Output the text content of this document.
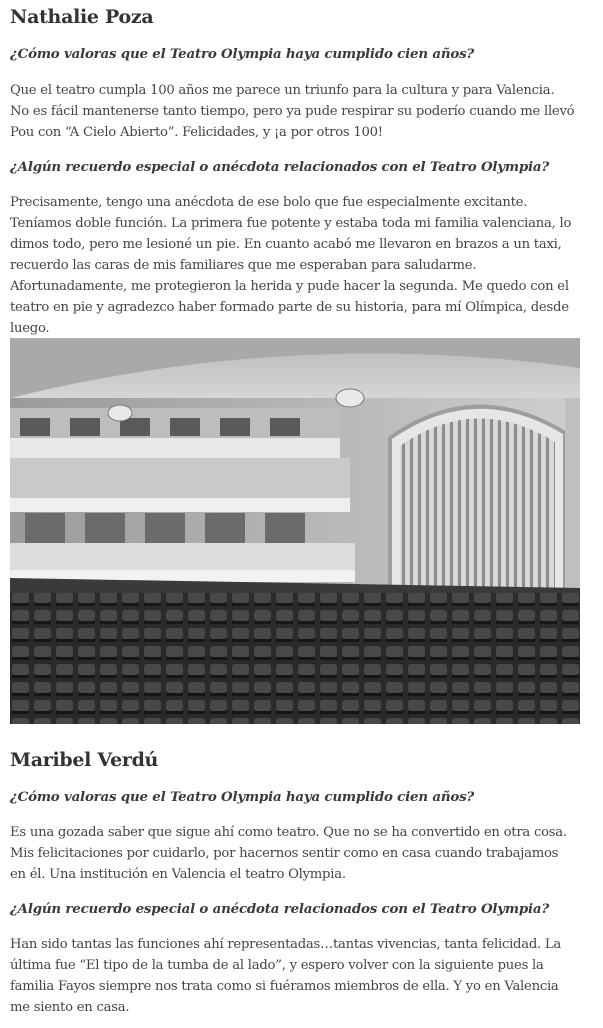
Nathalie Poza

¿Cómo valoras que el Teatro Olympia haya cumplido cien años?

Que el teatro cumpla 100 años me parece un triunfo para la cultura y para Valencia. No es fácil mantenerse tanto tiempo, pero ya pude respirar su poderío cuando me llevó Pou con “A Cielo Abierto”. Felicidades, y ¡a por otros 100!

¿Algún recuerdo especial o anécdota relacionados con el Teatro Olympia?

Precisamente, tengo una anécdota de ese bolo que fue especialmente excitante. Teníamos doble función. La primera fue potente y estaba toda mi familia valenciana, lo dimos todo, pero me lesioné un pie. En cuanto acabó me llevaron en brazos a un taxi, recuerdo las caras de mis familiares que me esperaban para saludarme. Afortunadamente, me protegieron la herida y pude hacer la segunda. Me quedo con el teatro en pie y agradezco haber formado parte de su historia, para mí Olímpica, desde luego.

Maribel Verdú

¿Cómo valoras que el Teatro Olympia haya cumplido cien años?

Es una gozada saber que sigue ahí como teatro. Que no se ha convertido en otra cosa. Mis felicitaciones por cuidarlo, por hacernos sentir como en casa cuando trabajamos en él. Una institución en Valencia el teatro Olympia.

¿Algún recuerdo especial o anécdota relacionados con el Teatro Olympia?

Han sido tantas las funciones ahí representadas…tantas vivencias, tanta felicidad. La última fue “El tipo de la tumba de al lado”, y espero volver con la siguiente pues la familia Fayos siempre nos trata como si fuéramos miembros de ella. Y yo en Valencia me siento en casa.
